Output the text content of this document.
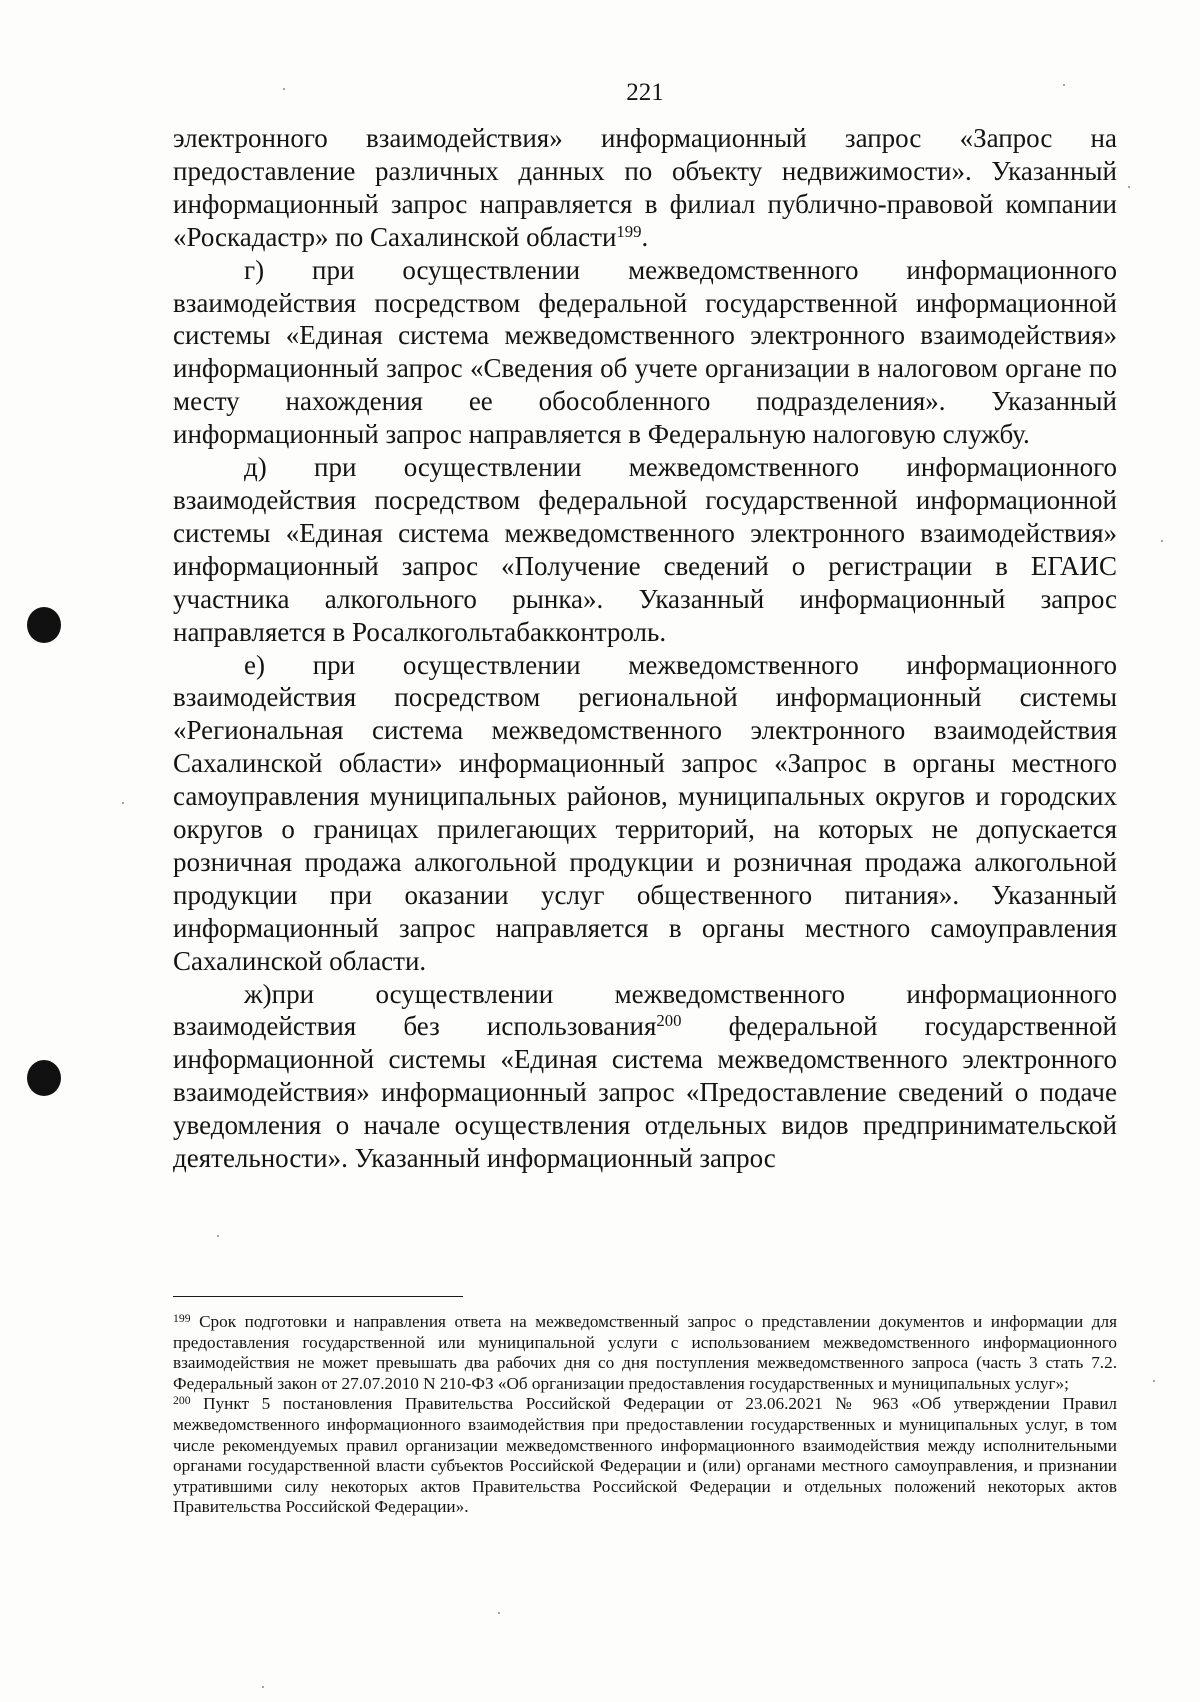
221

электронного взаимодействия» информационный запрос «Запрос на предоставление различных данных по объекту недвижимости». Указанный информационный запрос направляется в филиал публично-правовой компании «Роскадастр» по Сахалинской области$^{199}$.

г) при осуществлении межведомственного информационного взаимодействия посредством федеральной государственной информационной системы «Единая система межведомственного электронного взаимодействия» информационный запрос «Сведения об учете организации в налоговом органе по месту нахождения ее обособленного подразделения». Указанный информационный запрос направляется в Федеральную налоговую службу.

д) при осуществлении межведомственного информационного взаимодействия посредством федеральной государственной информационной системы «Единая система межведомственного электронного взаимодействия» информационный запрос «Получение сведений о регистрации в ЕГАИС участника алкогольного рынка». Указанный информационный запрос направляется в Росалкогольтабакконтроль.

е) при осуществлении межведомственного информационного взаимодействия посредством региональной информационный системы «Региональная система межведомственного электронного взаимодействия Сахалинской области» информационный запрос «Запрос в органы местного самоуправления муниципальных районов, муниципальных округов и городских округов о границах прилегающих территорий, на которых не допускается розничная продажа алкогольной продукции и розничная продажа алкогольной продукции при оказании услуг общественного питания». Указанный информационный запрос направляется в органы местного самоуправления Сахалинской области.

ж)при осуществлении межведомственного информационного взаимодействия без использования$^{200}$ федеральной государственной информационной системы «Единая система межведомственного электронного взаимодействия» информационный запрос «Предоставление сведений о подаче уведомления о начале осуществления отдельных видов предпринимательской деятельности». Указанный информационный запрос

$^{199}$ Срок подготовки и направления ответа на межведомственный запрос о представлении документов и информации для предоставления государственной или муниципальной услуги с использованием межведомственного информационного взаимодействия не может превышать два рабочих дня со дня поступления межведомственного запроса (часть 3 стать 7.2. Федеральный закон от 27.07.2010 N 210-ФЗ «Об организации предоставления государственных и муниципальных услуг»;

$^{200}$ Пункт 5 постановления Правительства Российской Федерации от 23.06.2021 № 963 «Об утверждении Правил межведомственного информационного взаимодействия при предоставлении государственных и муниципальных услуг, в том числе рекомендуемых правил организации межведомственного информационного взаимодействия между исполнительными органами государственной власти субъектов Российской Федерации и (или) органами местного самоуправления, и признании утратившими силу некоторых актов Правительства Российской Федерации и отдельных положений некоторых актов Правительства Российской Федерации».
